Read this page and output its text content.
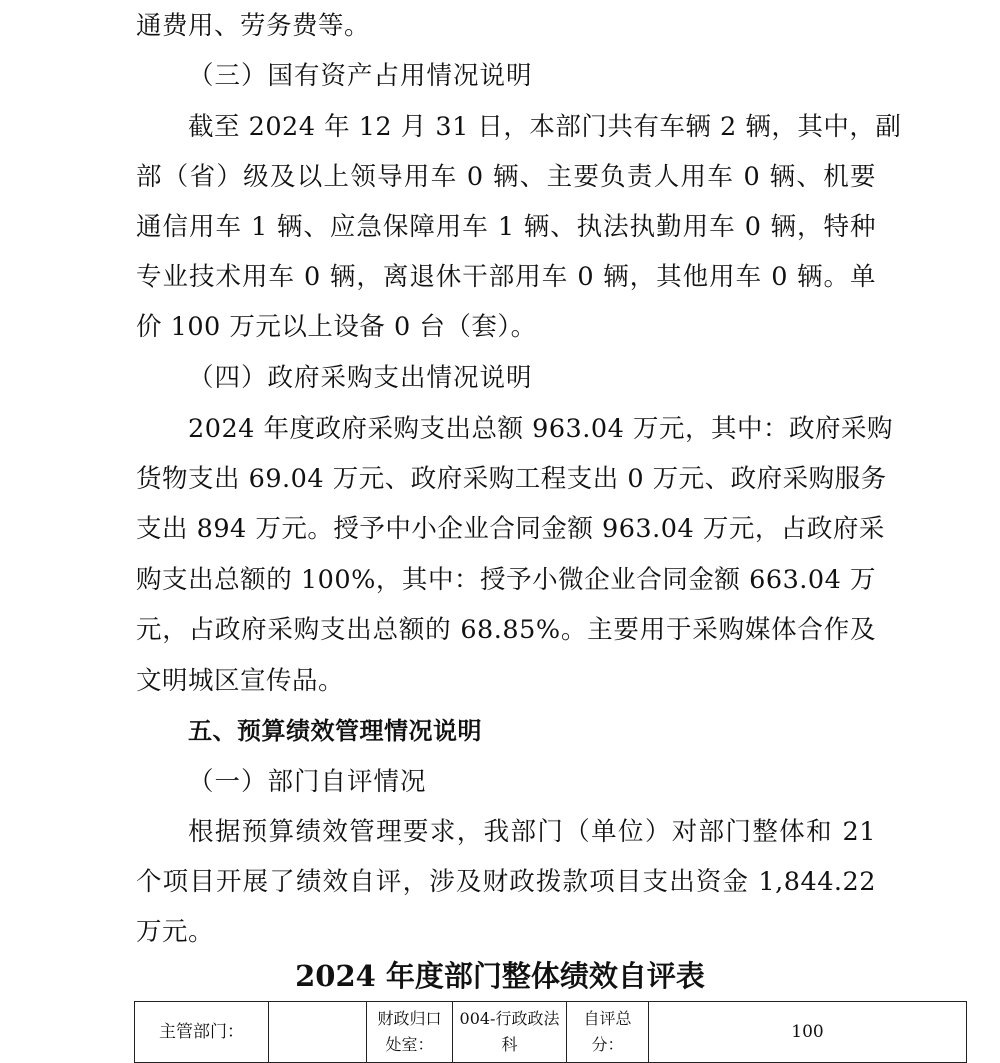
通费用、劳务费等。
（三）国有资产占用情况说明
截至 2024 年 12 月 31 日，本部门共有车辆 2 辆，其中，副
部（省）级及以上领导用车 0 辆、主要负责人用车 0 辆、机要
通信用车 1 辆、应急保障用车 1 辆、执法执勤用车 0 辆，特种
专业技术用车 0 辆，离退休干部用车 0 辆，其他用车 0 辆。单
价 100 万元以上设备 0 台（套）。
（四）政府采购支出情况说明
2024 年度政府采购支出总额 963.04 万元，其中：政府采购
货物支出 69.04 万元、政府采购工程支出 0 万元、政府采购服务
支出 894 万元。授予中小企业合同金额 963.04 万元，占政府采
购支出总额的 100%，其中：授予小微企业合同金额 663.04 万
元，占政府采购支出总额的 68.85%。主要用于采购媒体合作及
文明城区宣传品。
五、预算绩效管理情况说明
（一）部门自评情况
根据预算绩效管理要求，我部门（单位）对部门整体和 21
个项目开展了绩效自评，涉及财政拨款项目支出资金 1,844.22
万元。
2024 年度部门整体绩效自评表
主管部门：		财政归口处室：	004-行政政法科	自评总分：	100
